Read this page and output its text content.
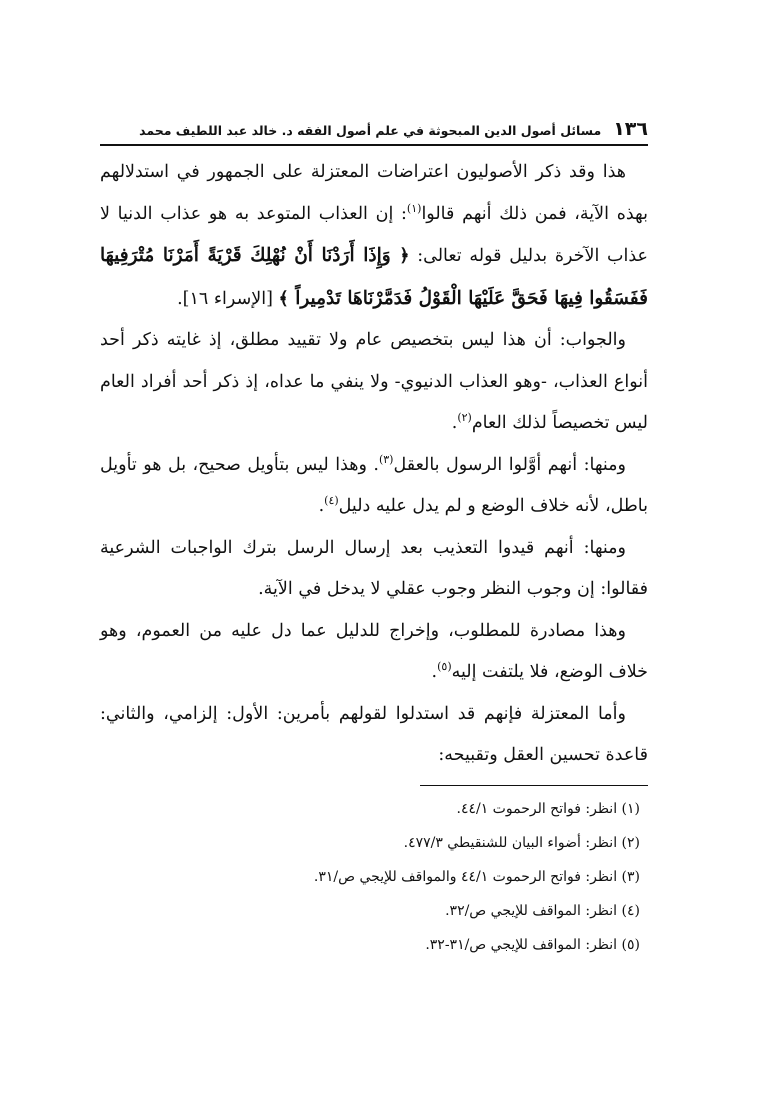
١٣٦
مسائل أصول الدين المبحوثة في علم أصول الفقه د. خالد عبد اللطيف محمد

هذا وقد ذكر الأصوليون اعتراضات المعتزلة على الجمهور في استدلالهم بهذه الآية، فمن ذلك أنهم قالوا$^{(١)}$: إن العذاب المتوعد به هو عذاب الدنيا لا عذاب الآخرة بدليل قوله تعالى: ﴿ وَإِذَا أَرَدْنَا أَنْ نُهْلِكَ قَرْيَةً أَمَرْنَا مُتْرَفِيهَا فَفَسَقُوا فِيهَا فَحَقَّ عَلَيْهَا الْقَوْلُ فَدَمَّرْنَاهَا تَدْمِيراً ﴾ [الإسراء ١٦].

والجواب: أن هذا ليس بتخصيص عام ولا تقييد مطلق، إذ غايته ذكر أحد أنواع العذاب، -وهو العذاب الدنيوي- ولا ينفي ما عداه، إذ ذكر أحد أفراد العام ليس تخصيصاً لذلك العام$^{(٢)}$.

ومنها: أنهم أوَّلوا الرسول بالعقل$^{(٣)}$. وهذا ليس بتأويل صحيح، بل هو تأويل باطل، لأنه خلاف الوضع و لم يدل عليه دليل$^{(٤)}$.

ومنها: أنهم قيدوا التعذيب بعد إرسال الرسل بترك الواجبات الشرعية فقالوا: إن وجوب النظر وجوب عقلي لا يدخل في الآية.

وهذا مصادرة للمطلوب، وإخراج للدليل عما دل عليه من العموم، وهو خلاف الوضع، فلا يلتفت إليه$^{(٥)}$.

وأما المعتزلة فإنهم قد استدلوا لقولهم بأمرين: الأول: إلزامي، والثاني: قاعدة تحسين العقل وتقبيحه:

(١) انظر: فواتح الرحموت ٤٤/١.

(٢) انظر: أضواء البيان للشنقيطي ٤٧٧/٣.

(٣) انظر: فواتح الرحموت ٤٤/١ والمواقف للإيجي ص/٣١.

(٤) انظر: المواقف للإيجي ص/٣٢.

(٥) انظر: المواقف للإيجي ص/٣١-٣٢.
